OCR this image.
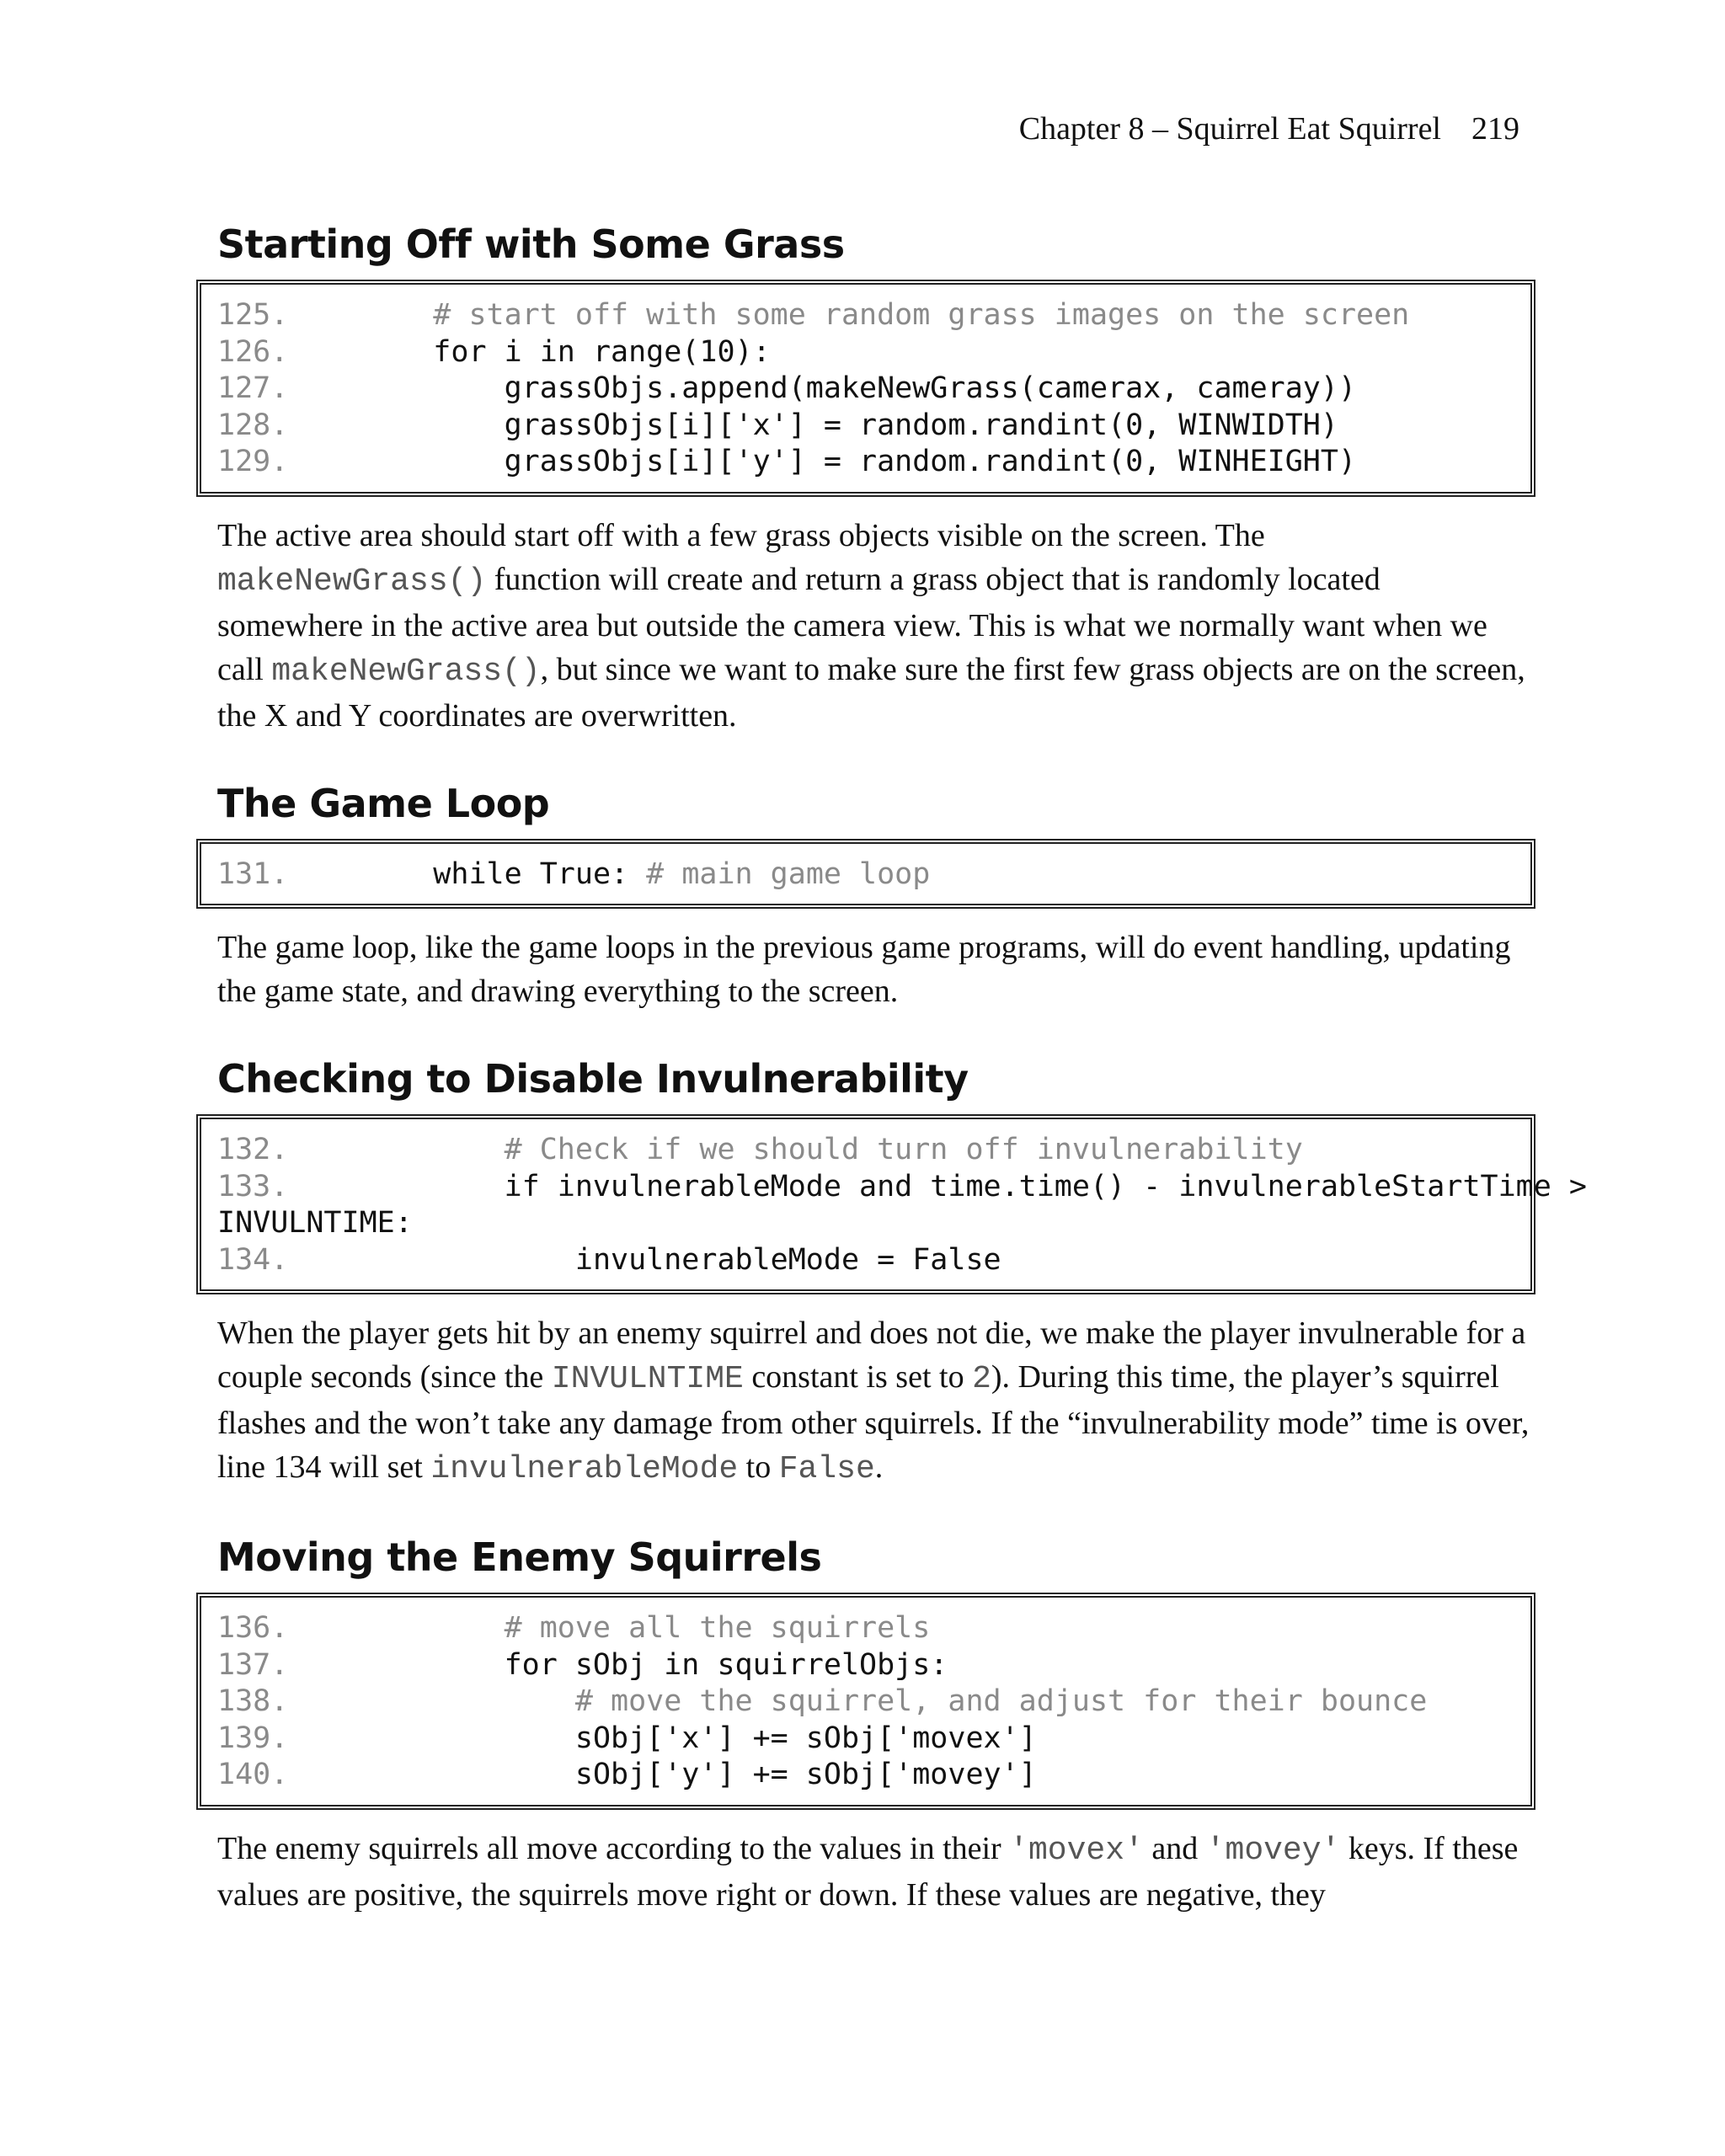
Chapter 8 – Squirrel Eat Squirrel 219
Starting Off with Some Grass
125.	# start off with some random grass images on the screen
126.	for i in range(10):
127.	grassObjs.append(makeNewGrass(camerax, cameray))
128.	grassObjs[i]['x'] = random.randint(0, WINWIDTH)
129.	grassObjs[i]['y'] = random.randint(0, WINHEIGHT)

The active area should start off with a few grass objects visible on the screen. The makeNewGrass() function will create and return a grass object that is randomly located somewhere in the active area but outside the camera view. This is what we normally want when we call makeNewGrass(), but since we want to make sure the first few grass objects are on the screen, the X and Y coordinates are overwritten.

The Game Loop
131.	while True: # main game loop

The game loop, like the game loops in the previous game programs, will do event handling, updating the game state, and drawing everything to the screen.

Checking to Disable Invulnerability
132.	# Check if we should turn off invulnerability
133.	if invulnerableMode and time.time() - invulnerableStartTime >
INVULNTIME:
134.	invulnerableMode = False

When the player gets hit by an enemy squirrel and does not die, we make the player invulnerable for a couple seconds (since the INVULNTIME constant is set to 2). During this time, the player’s squirrel flashes and the won’t take any damage from other squirrels. If the “invulnerability mode” time is over, line 134 will set invulnerableMode to False.

Moving the Enemy Squirrels
136.	# move all the squirrels
137.	for sObj in squirrelObjs:
138.	# move the squirrel, and adjust for their bounce
139.	sObj['x'] += sObj['movex']
140.	sObj['y'] += sObj['movey']

The enemy squirrels all move according to the values in their 'movex' and 'movey' keys. If these values are positive, the squirrels move right or down. If these values are negative, they
